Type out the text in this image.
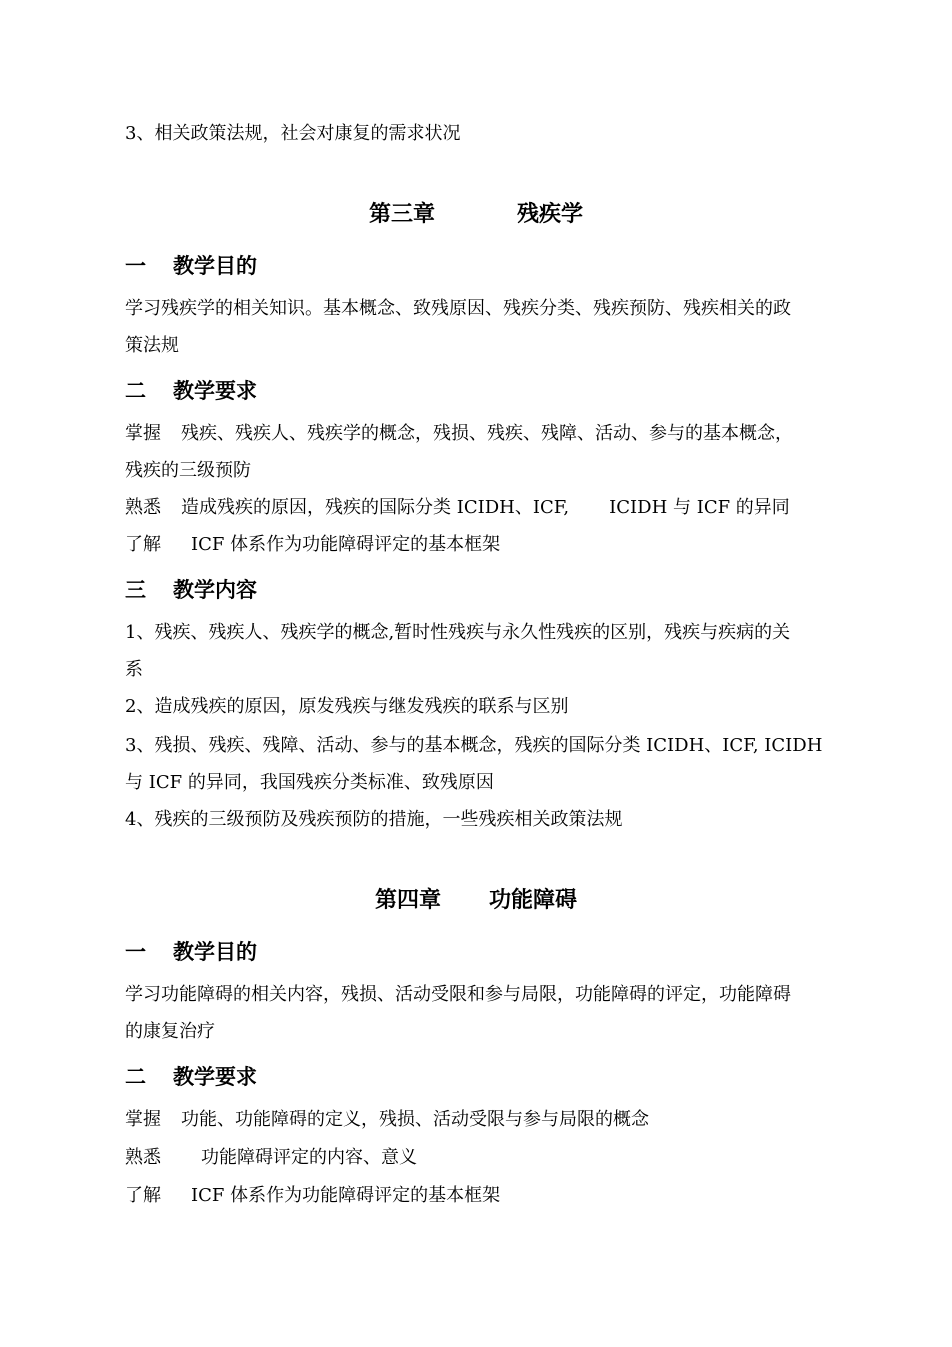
3、相关政策法规，社会对康复的需求状况
第三章	残疾学
一 教学目的
学习残疾学的相关知识。基本概念、致残原因、残疾分类、残疾预防、残疾相关的政
策法规
二 教学要求
掌握 残疾、残疾人、残疾学的概念，残损、残疾、残障、活动、参与的基本概念，
残疾的三级预防
熟悉 造成残疾的原因，残疾的国际分类 ICIDH、ICF, ICIDH 与 ICF 的异同
了解 ICF 体系作为功能障碍评定的基本框架
三 教学内容
1、残疾、残疾人、残疾学的概念,暂时性残疾与永久性残疾的区别，残疾与疾病的关
系
2、造成残疾的原因，原发残疾与继发残疾的联系与区别
3、残损、残疾、残障、活动、参与的基本概念，残疾的国际分类 ICIDH、ICF, ICIDH
与 ICF 的异同，我国残疾分类标准、致残原因
4、残疾的三级预防及残疾预防的措施，一些残疾相关政策法规
第四章 功能障碍
一 教学目的
学习功能障碍的相关内容，残损、活动受限和参与局限，功能障碍的评定，功能障碍
的康复治疗
二 教学要求
掌握 功能、功能障碍的定义，残损、活动受限与参与局限的概念
熟悉 功能障碍评定的内容、意义
了解 ICF 体系作为功能障碍评定的基本框架
